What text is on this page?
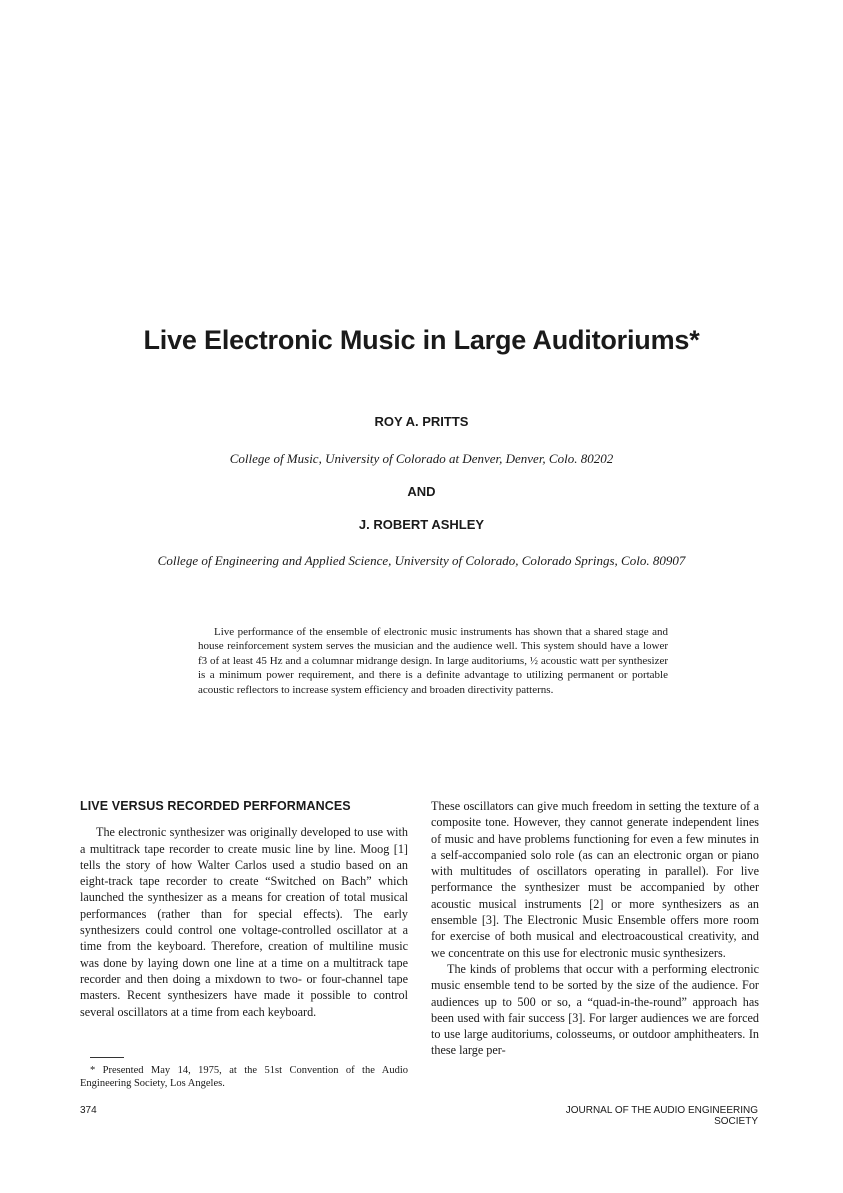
Live Electronic Music in Large Auditoriums*
ROY A. PRITTS
College of Music, University of Colorado at Denver, Denver, Colo. 80202
AND
J. ROBERT ASHLEY
College of Engineering and Applied Science, University of Colorado, Colorado Springs, Colo. 80907
Live performance of the ensemble of electronic music instruments has shown that a shared stage and house reinforcement system serves the musician and the audience well. This system should have a lower f3 of at least 45 Hz and a columnar midrange design. In large auditoriums, ½ acoustic watt per synthesizer is a minimum power requirement, and there is a definite advantage to utilizing permanent or portable acoustic reflectors to increase system efficiency and broaden directivity patterns.
LIVE VERSUS RECORDED PERFORMANCES

The electronic synthesizer was originally developed to use with a multitrack tape recorder to create music line by line. Moog [1] tells the story of how Walter Carlos used a studio based on an eight-track tape recorder to create “Switched on Bach” which launched the synthesizer as a means for creation of total musical performances (rather than for special effects). The early synthesizers could control one voltage-controlled oscillator at a time from the keyboard. Therefore, creation of multiline music was done by laying down one line at a time on a multitrack tape recorder and then doing a mixdown to two- or four-channel tape masters. Recent synthesizers have made it possible to control several oscillators at a time from each keyboard.

These oscillators can give much freedom in setting the texture of a composite tone. However, they cannot generate independent lines of music and have problems functioning for even a few minutes in a self-accompanied solo role (as can an electronic organ or piano with multitudes of oscillators operating in parallel). For live performance the synthesizer must be accompanied by other acoustic musical instruments [2] or more synthesizers as an ensemble [3]. The Electronic Music Ensemble offers more room for exercise of both musical and electroacoustical creativity, and we concentrate on this use for electronic music synthesizers.

The kinds of problems that occur with a performing electronic music ensemble tend to be sorted by the size of the audience. For audiences up to 500 or so, a “quad-in-the-round” approach has been used with fair success [3]. For larger audiences we are forced to use large auditoriums, colosseums, or outdoor amphitheaters. In these large per-

* Presented May 14, 1975, at the 51st Convention of the Audio Engineering Society, Los Angeles.
374	JOURNAL OF THE AUDIO ENGINEERING SOCIETY
